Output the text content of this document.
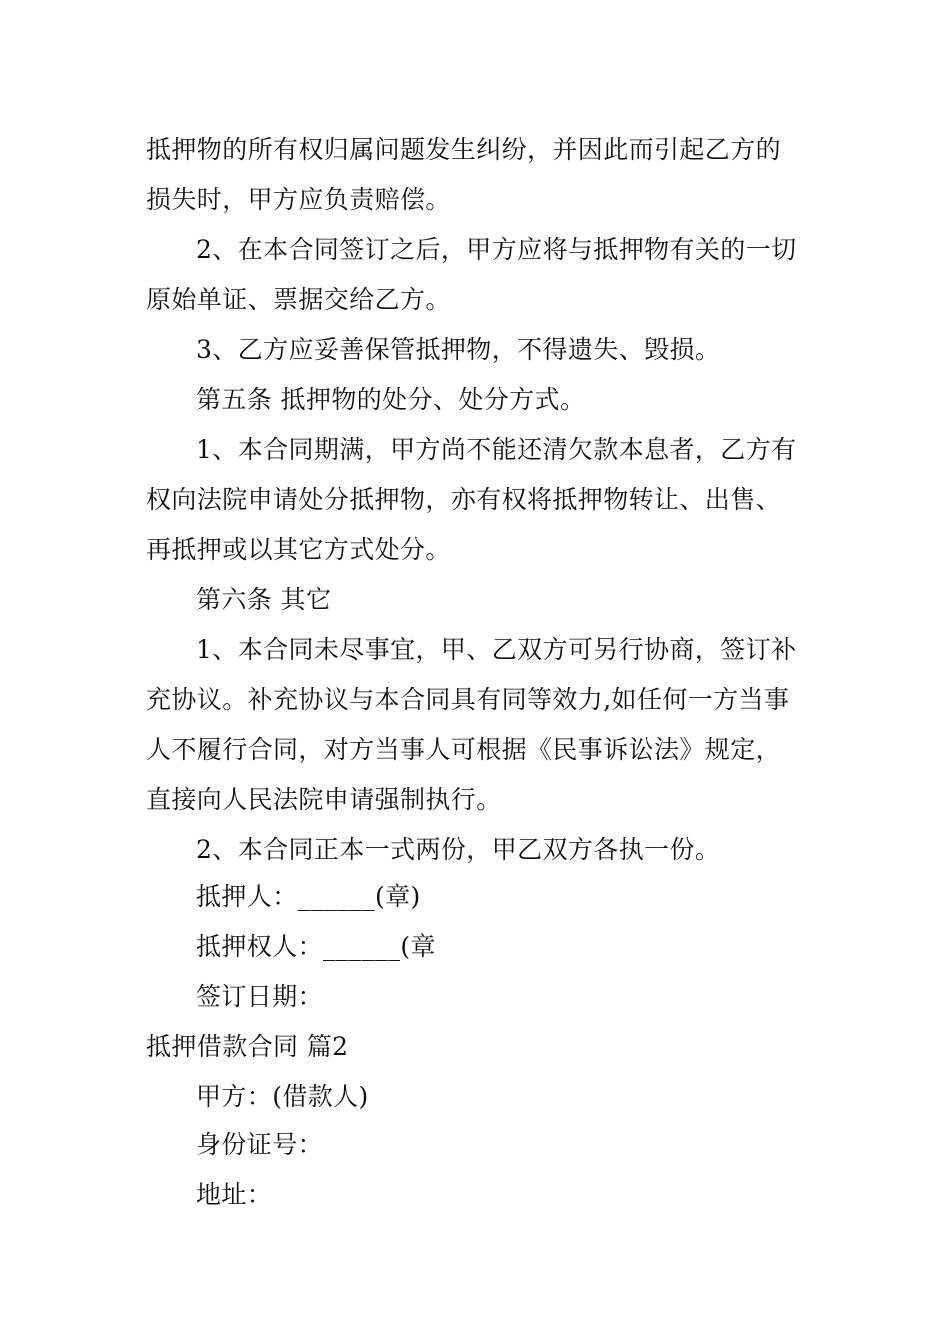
抵押物的所有权归属问题发生纠纷，并因此而引起乙方的
损失时，甲方应负责赔偿。
2、在本合同签订之后，甲方应将与抵押物有关的一切
原始单证、票据交给乙方。
3、乙方应妥善保管抵押物，不得遗失、毁损。
第五条 抵押物的处分、处分方式。
1、本合同期满，甲方尚不能还清欠款本息者，乙方有
权向法院申请处分抵押物，亦有权将抵押物转让、出售、
再抵押或以其它方式处分。
第六条 其它
1、本合同未尽事宜，甲、乙双方可另行协商，签订补
充协议。补充协议与本合同具有同等效力,如任何一方当事
人不履行合同，对方当事人可根据《民事诉讼法》规定，
直接向人民法院申请强制执行。
2、本合同正本一式两份，甲乙双方各执一份。
抵押人：______(章)
抵押权人：______(章
签订日期：
抵押借款合同 篇2
甲方：(借款人)
身份证号：
地址：
